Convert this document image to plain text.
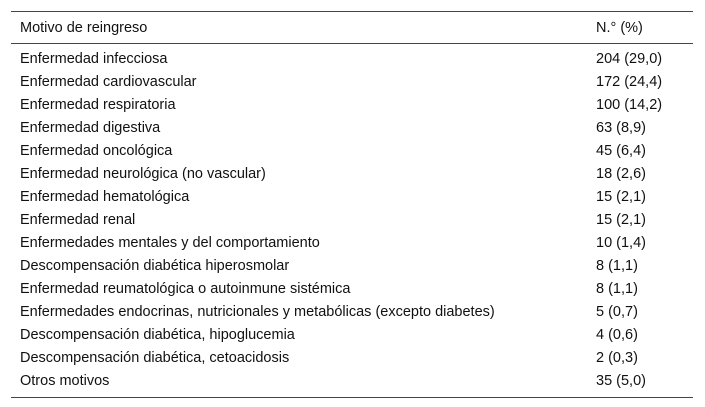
Motivo de reingreso	N.° (%)
Enfermedad infecciosa	204 (29,0)
Enfermedad cardiovascular	172 (24,4)
Enfermedad respiratoria	100 (14,2)
Enfermedad digestiva	63 (8,9)
Enfermedad oncológica	45 (6,4)
Enfermedad neurológica (no vascular)	18 (2,6)
Enfermedad hematológica	15 (2,1)
Enfermedad renal	15 (2,1)
Enfermedades mentales y del comportamiento	10 (1,4)
Descompensación diabética hiperosmolar	8 (1,1)
Enfermedad reumatológica o autoinmune sistémica	8 (1,1)
Enfermedades endocrinas, nutricionales y metabólicas (excepto diabetes)	5 (0,7)
Descompensación diabética, hipoglucemia	4 (0,6)
Descompensación diabética, cetoacidosis	2 (0,3)
Otros motivos	35 (5,0)
